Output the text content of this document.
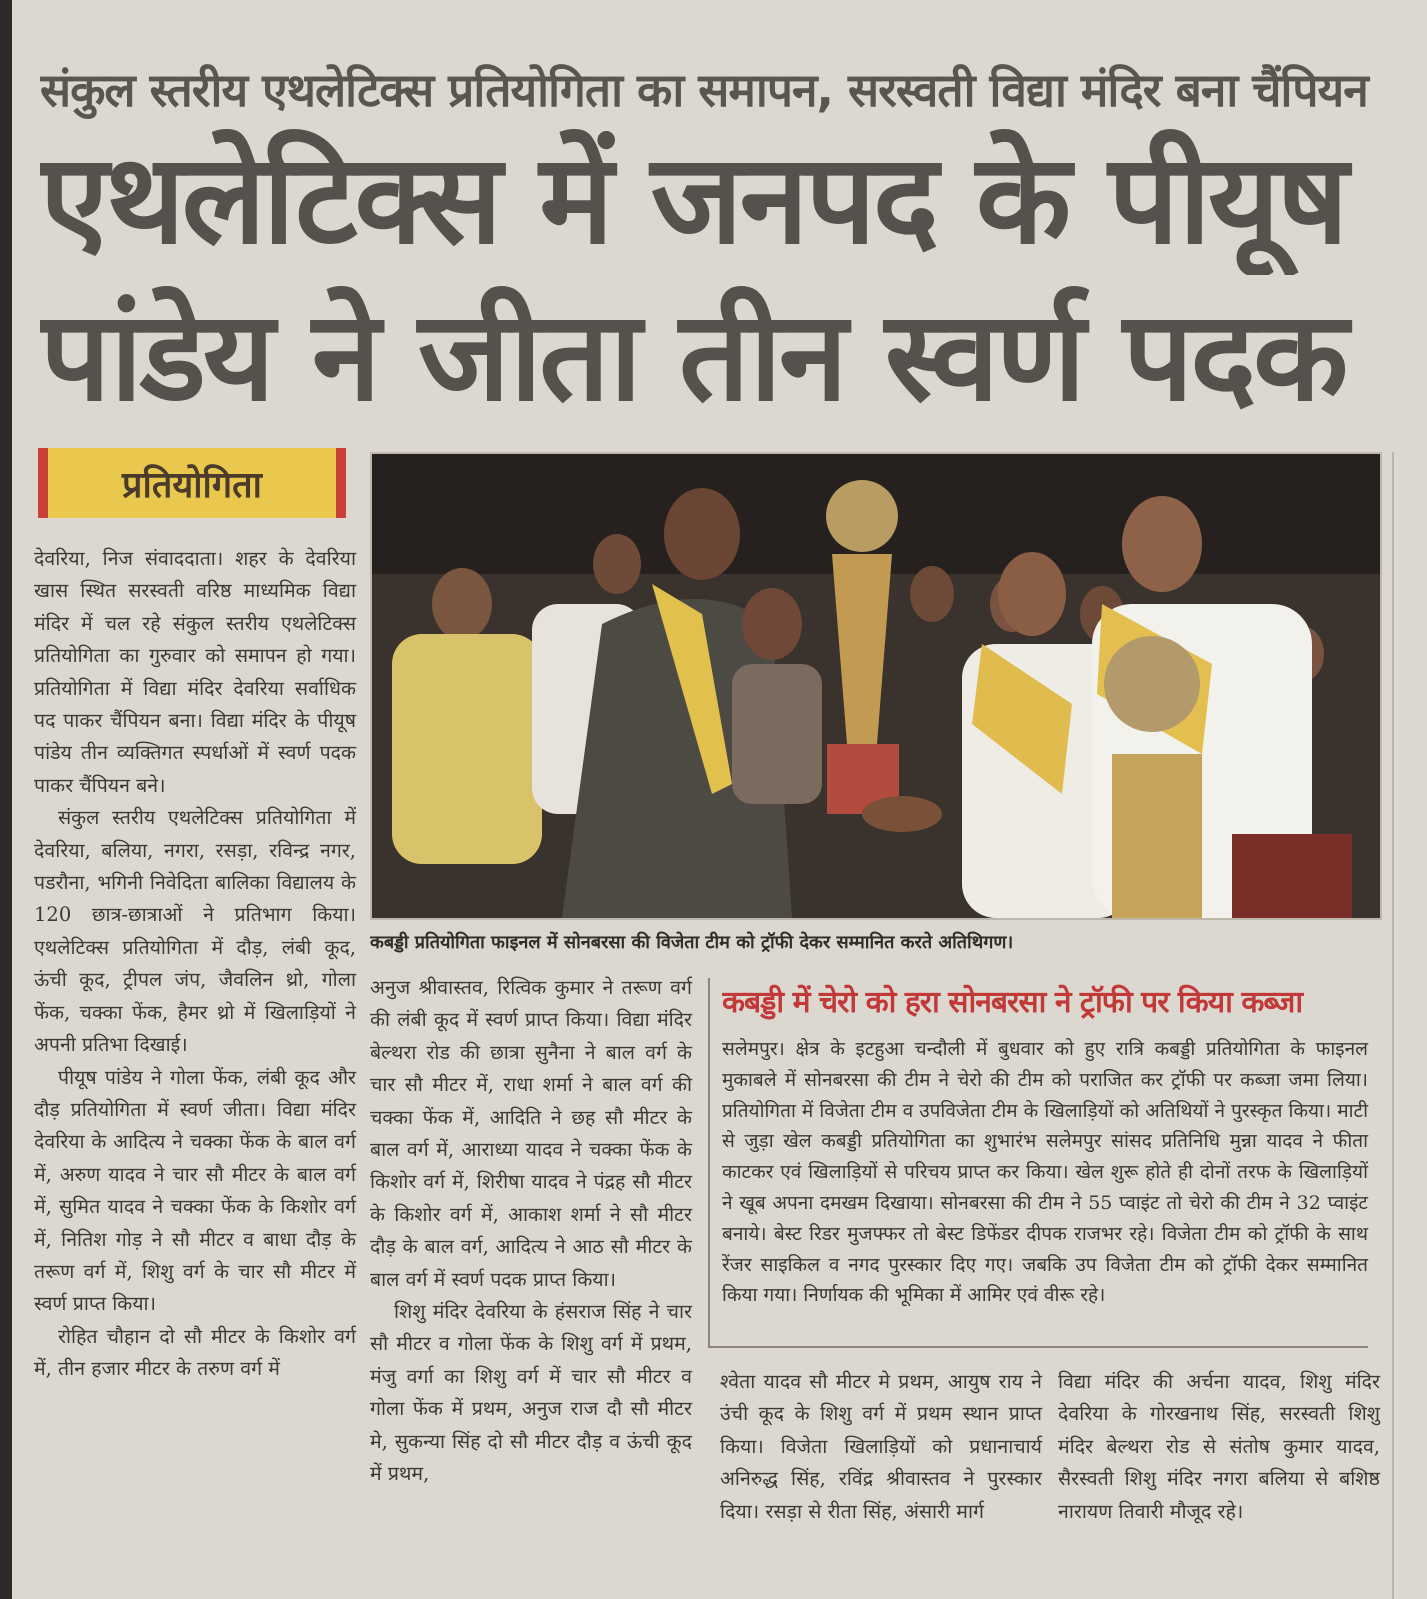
संकुल स्तरीय एथलेटिक्स प्रतियोगिता का समापन, सरस्वती विद्या मंदिर बना चैंपियन
एथलेटिक्स में जनपद के पीयूष
पांडेय ने जीता तीन स्वर्ण पदक
प्रतियोगिता
देवरिया, निज संवाददाता। शहर के देवरिया खास स्थित सरस्वती वरिष्ठ माध्यमिक विद्या मंदिर में चल रहे संकुल स्तरीय एथलेटिक्स प्रतियोगिता का गुरुवार को समापन हो गया। प्रतियोगिता में विद्या मंदिर देवरिया सर्वाधिक पद पाकर चैंपियन बना। विद्या मंदिर के पीयूष पांडेय तीन व्यक्तिगत स्पर्धाओं में स्वर्ण पदक पाकर चैंपियन बने।
संकुल स्तरीय एथलेटिक्स प्रतियोगिता में देवरिया, बलिया, नगरा, रसड़ा, रविन्द्र नगर, पडरौना, भगिनी निवेदिता बालिका विद्यालय के 120 छात्र-छात्राओं ने प्रतिभाग किया। एथलेटिक्स प्रतियोगिता में दौड़, लंबी कूद, ऊंची कूद, ट्रीपल जंप, जैवलिन थ्रो, गोला फेंक, चक्का फेंक, हैमर थ्रो में खिलाड़ियों ने अपनी प्रतिभा दिखाई।
पीयूष पांडेय ने गोला फेंक, लंबी कूद और दौड़ प्रतियोगिता में स्वर्ण जीता। विद्या मंदिर देवरिया के आदित्य ने चक्का फेंक के बाल वर्ग में, अरुण यादव ने चार सौ मीटर के बाल वर्ग में, सुमित यादव ने चक्का फेंक के किशोर वर्ग में, नितिश गोड़ ने सौ मीटर व बाधा दौड़ के तरूण वर्ग में, शिशु वर्ग के चार सौ मीटर में स्वर्ण प्राप्त किया।
रोहित चौहान दो सौ मीटर के किशोर वर्ग में, तीन हजार मीटर के तरुण वर्ग में
कबड्डी प्रतियोगिता फाइनल में सोनबरसा की विजेता टीम को ट्रॉफी देकर सम्मानित करते अतिथिगण।
अनुज श्रीवास्तव, रित्विक कुमार ने तरूण वर्ग की लंबी कूद में स्वर्ण प्राप्त किया। विद्या मंदिर बेल्थरा रोड की छात्रा सुनैना ने बाल वर्ग के चार सौ मीटर में, राधा शर्मा ने बाल वर्ग की चक्का फेंक में, आदिति ने छह सौ मीटर के बाल वर्ग में, आराध्या यादव ने चक्का फेंक के किशोर वर्ग में, शिरीषा यादव ने पंद्रह सौ मीटर के किशोर वर्ग में, आकाश शर्मा ने सौ मीटर दौड़ के बाल वर्ग, आदित्य ने आठ सौ मीटर के बाल वर्ग में स्वर्ण पदक प्राप्त किया।
शिशु मंदिर देवरिया के हंसराज सिंह ने चार सौ मीटर व गोला फेंक के शिशु वर्ग में प्रथम, मंजु वर्गा का शिशु वर्ग में चार सौ मीटर व गोला फेंक में प्रथम, अनुज राज दौ सौ मीटर मे, सुकन्या सिंह दो सौ मीटर दौड़ व ऊंची कूद में प्रथम,
कबड्डी में चेरो को हरा सोनबरसा ने ट्रॉफी पर किया कब्जा
सलेमपुर। क्षेत्र के इटहुआ चन्दौली में बुधवार को हुए रात्रि कबड्डी प्रतियोगिता के फाइनल मुकाबले में सोनबरसा की टीम ने चेरो की टीम को पराजित कर ट्रॉफी पर कब्जा जमा लिया। प्रतियोगिता में विजेता टीम व उपविजेता टीम के खिलाड़ियों को अतिथियों ने पुरस्कृत किया। माटी से जुड़ा खेल कबड्डी प्रतियोगिता का शुभारंभ सलेमपुर सांसद प्रतिनिधि मुन्ना यादव ने फीता काटकर एवं खिलाड़ियों से परिचय प्राप्त कर किया। खेल शुरू होते ही दोनों तरफ के खिलाड़ियों ने खूब अपना दमखम दिखाया। सोनबरसा की टीम ने 55 प्वाइंट तो चेरो की टीम ने 32 प्वाइंट बनाये। बेस्ट रिडर मुजफ्फर तो बेस्ट डिफेंडर दीपक राजभर रहे। विजेता टीम को ट्रॉफी के साथ रेंजर साइकिल व नगद पुरस्कार दिए गए। जबकि उप विजेता टीम को ट्रॉफी देकर सम्मानित किया गया। निर्णायक की भूमिका में आमिर एवं वीरू रहे।
श्वेता यादव सौ मीटर मे प्रथम, आयुष राय ने उंची कूद के शिशु वर्ग में प्रथम स्थान प्राप्त किया। विजेता खिलाड़ियों को प्रधानाचार्य अनिरुद्ध सिंह, रविंद्र श्रीवास्तव ने पुरस्कार दिया। रसड़ा से रीता सिंह, अंसारी मार्ग
विद्या मंदिर की अर्चना यादव, शिशु मंदिर देवरिया के गोरखनाथ सिंह, सरस्वती शिशु मंदिर बेल्थरा रोड से संतोष कुमार यादव, सैरस्वती शिशु मंदिर नगरा बलिया से बशिष्ठ नारायण तिवारी मौजूद रहे।
